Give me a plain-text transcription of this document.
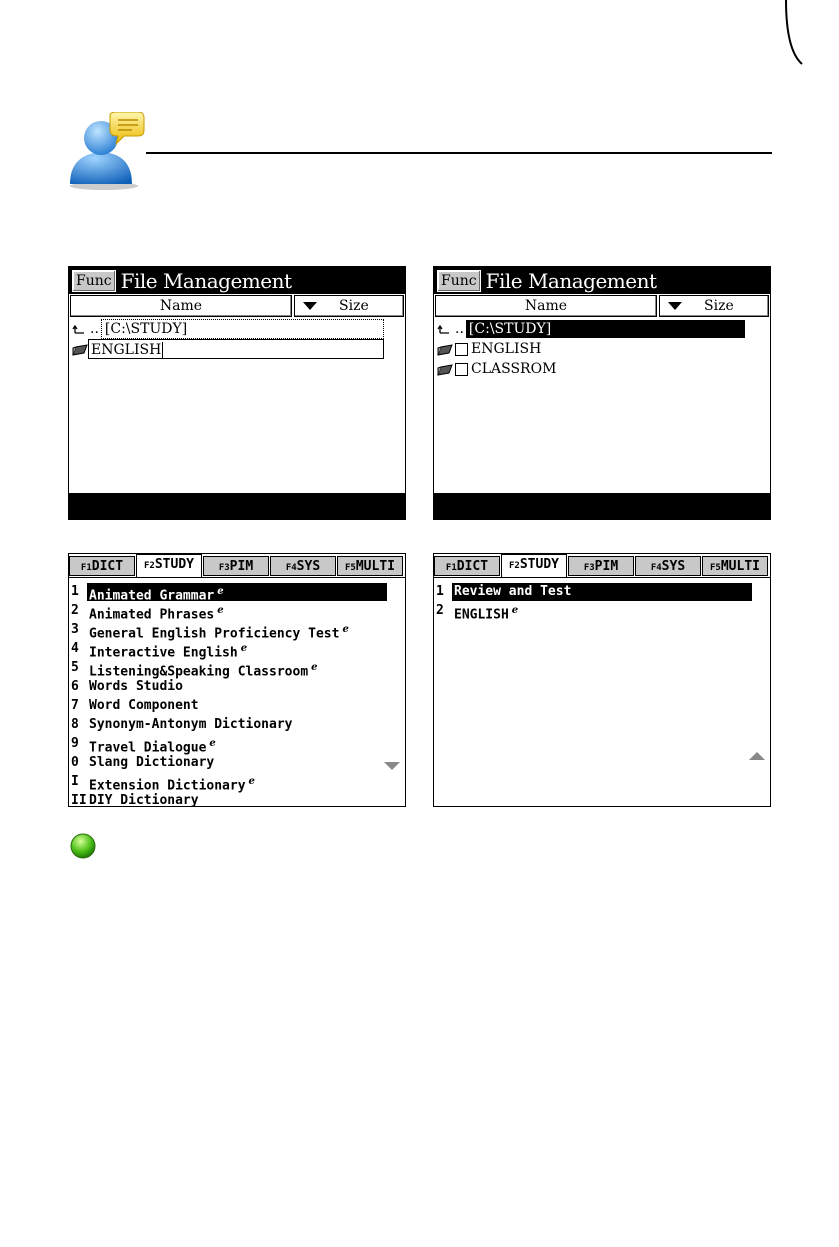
Func File Management
Name	Size
.. [C:\STUDY]
ENGLISH
Func File Management
Name	Size
.. [C:\STUDY]
ENGLISH
CLASSROM
F1DICT	F2STUDY	F3PIM	F4SYS	F5MULTI
1 Animated Grammar $^e$
2 Animated Phrases $^e$
3 General English Proficiency Test $^e$
4 Interactive English $^e$
5 Listening&Speaking Classroom $^e$
6 Words Studio
7 Word Component
8 Synonym-Antonym Dictionary
9 Travel Dialogue $^e$
0 Slang Dictionary
I Extension Dictionary $^e$
II DIY Dictionary
F1DICT	F2STUDY	F3PIM	F4SYS	F5MULTI
1 Review and Test
2 ENGLISH $^e$
